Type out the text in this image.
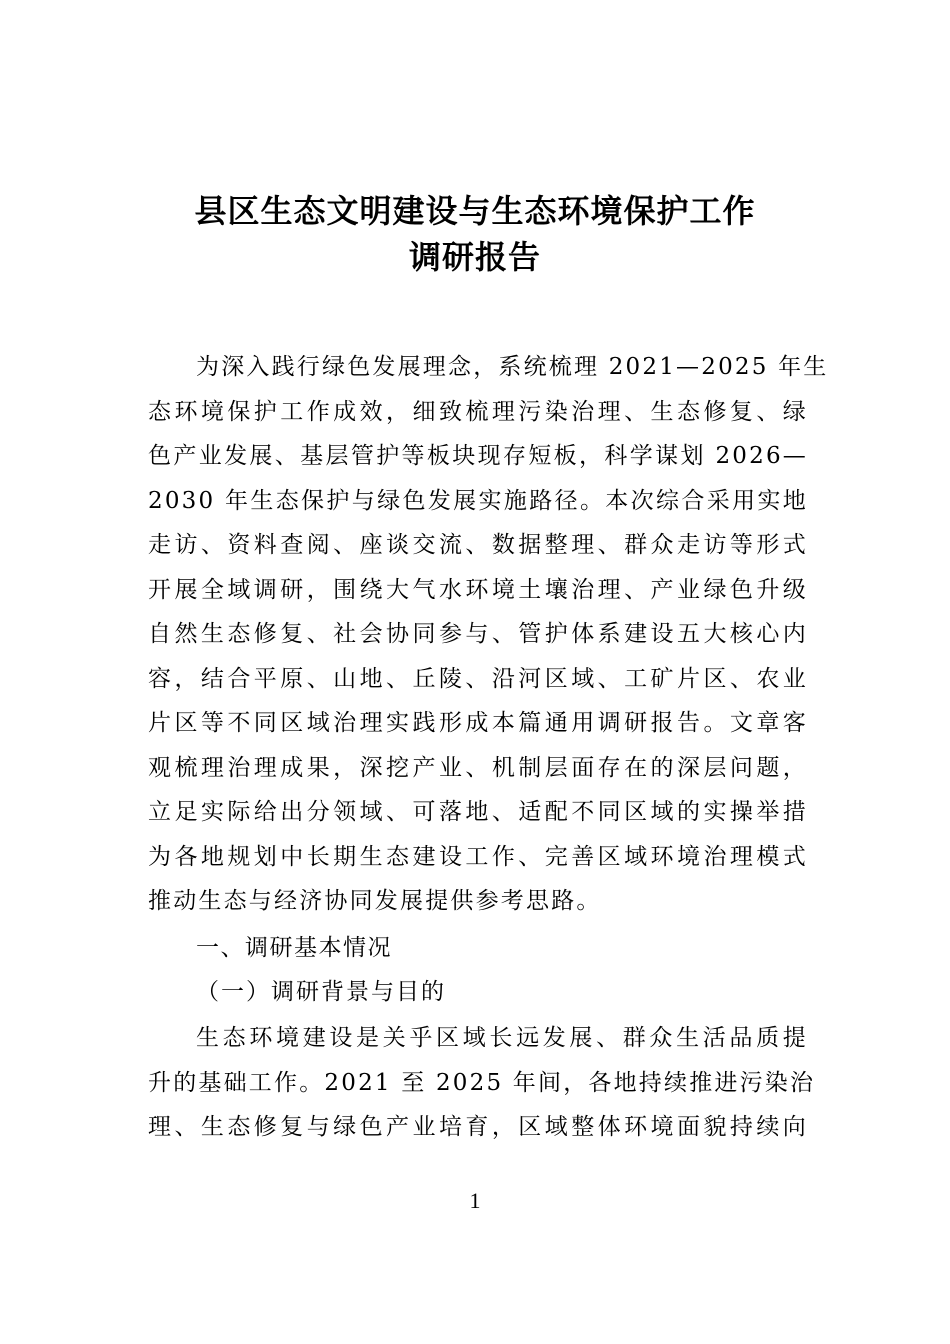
县区生态文明建设与生态环境保护工作
调研报告
为深入践行绿色发展理念，系统梳理 2021—2025 年生
态环境保护工作成效，细致梳理污染治理、生态修复、绿
色产业发展、基层管护等板块现存短板，科学谋划 2026—
2030 年生态保护与绿色发展实施路径。本次综合采用实地
走访、资料查阅、座谈交流、数据整理、群众走访等形式
开展全域调研，围绕大气水环境土壤治理、产业绿色升级
自然生态修复、社会协同参与、管护体系建设五大核心内
容，结合平原、山地、丘陵、沿河区域、工矿片区、农业
片区等不同区域治理实践形成本篇通用调研报告。文章客
观梳理治理成果，深挖产业、机制层面存在的深层问题，
立足实际给出分领域、可落地、适配不同区域的实操举措
为各地规划中长期生态建设工作、完善区域环境治理模式
推动生态与经济协同发展提供参考思路。
一、调研基本情况
（一）调研背景与目的
生态环境建设是关乎区域长远发展、群众生活品质提
升的基础工作。2021 至 2025 年间，各地持续推进污染治
理、生态修复与绿色产业培育，区域整体环境面貌持续向
1
